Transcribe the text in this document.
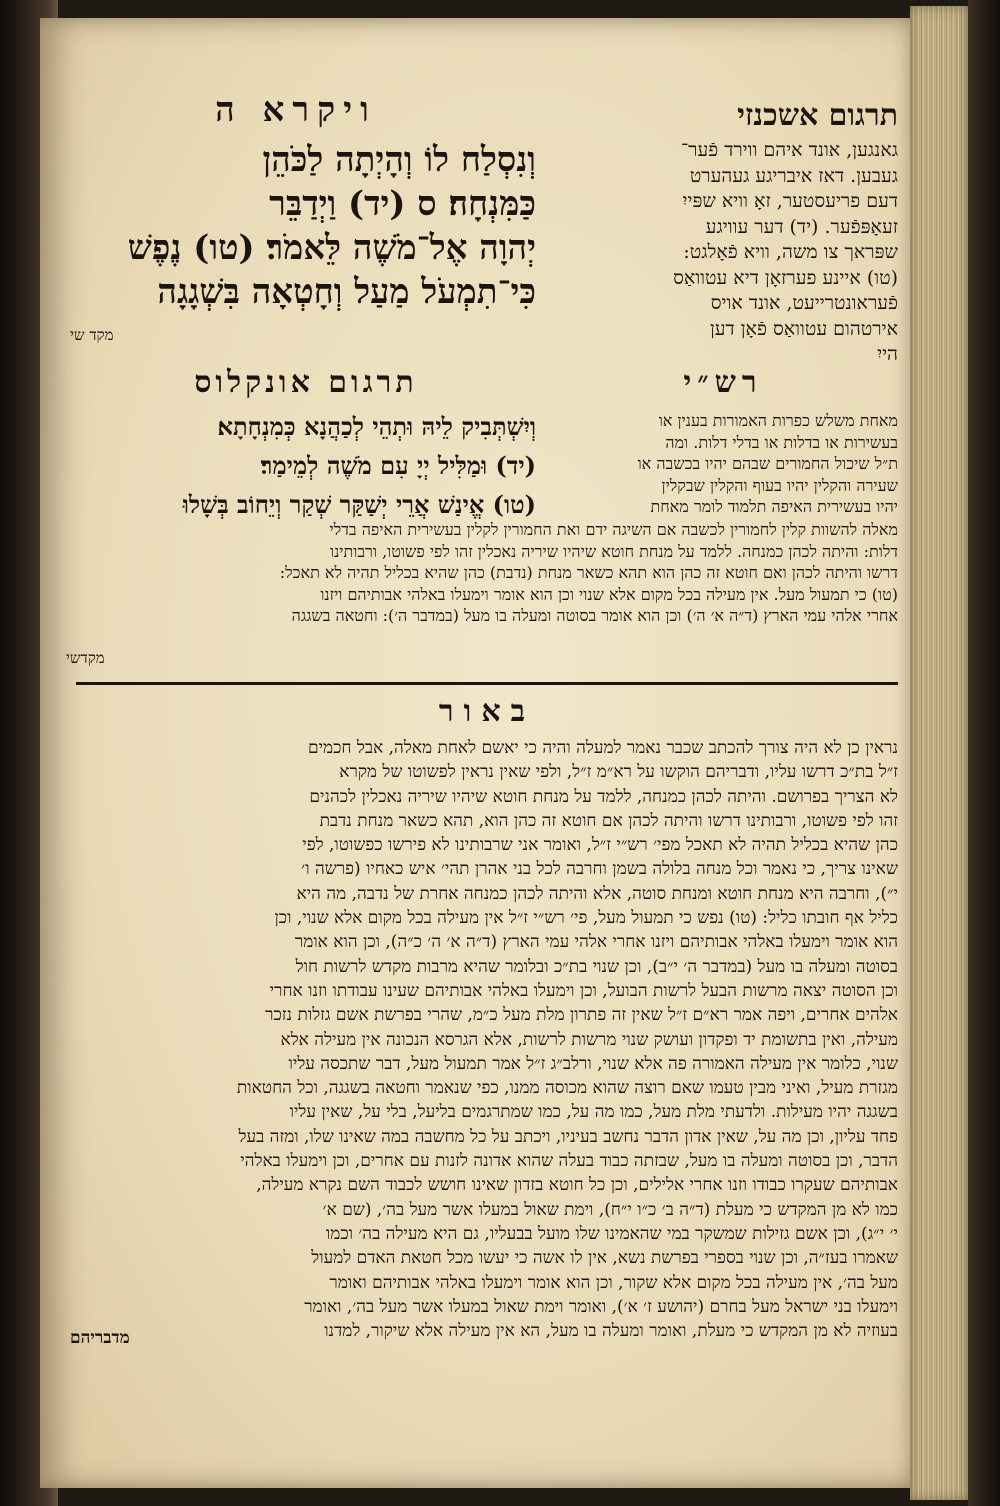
תרגום אשכנזי
ויקרא ה

גאנגען, אונד איהם ווירד פֿער־

געבען. דאז איבריגע געהערט

דעם פריעסטער, זאָ וויא שפּייִ

זעאָפּפֿער. (יד) דער עוויגע

שפּראך צו משה, וויא פֿאָלגט:

(טו) איינע פערזאָן דיא עטוואַס

פֿעראונטרייעט, אונד אויס

אירטהום עטוואַס פֿאָן דען

הייִ

וְנִסְלַח לוֹ וְהָיְתָה לַכֹּהֵן

כַּמִּנְחָה׃ ס (יד) וַיְדַבֵּר

יְהוָה אֶל־מֹשֶׁה לֵּאמֹר׃ (טו) נֶפֶשׁ

כִּי־תִמְעֹל מַעַל וְחָטְאָה בִּשְׁגָגָה

מקד שי
רש״י
תרגום אונקלוס

וְיִשְׁתְּבִיק לֵיהּ וּתְהֵי לְכַהֲנָא כְּמִנְחָתָא׃

(יד) וּמַלִּיל יְיָ עִם מֹשֶׁה לְמֵימַר׃

(טו) אֱינַשׁ אֲרֵי יְשַׁקַּר שְׁקַר וְיֵחוֹב בְּשָׁלוּ

מאחת משלש כפרות האמורות בענין או

בעשירות או בדלות או בדלי דלות. ומה

ת״ל שיכול החמורים שבהם יהיו בכשבה או

שעירה והקלין יהיו בעוף והקלין שבקלין

יהיו בעשירית האיפה תלמוד לומר מאחת

מאלה להשוות קלין לחמורין לכשבה אם השיגה ידם ואת החמורין לקלין בעשירית האיפה בדלי

דלות: והיתה לכהן כמנחה. ללמד על מנחת חוטא שיהיו שיריה נאכלין זהו לפי פשוטו, ורבותינו

דרשו והיתה לכהן ואם חוטא זה כהן הוא תהא כשאר מנחת (נדבת) כהן שהיא בכליל תהיה לא תאכל:

(טו) כי תמעול מעל. אין מעילה בכל מקום אלא שנוי וכן הוא אומר וימעלו באלהי אבותיהם ויזנו

אחרי אלהי עמי הארץ (ד״ה א׳ ה׳) וכן הוא אומר בסוטה ומעלה בו מעל (במדבר ה׳): וחטאה בשגגה

מקדשי
באור

נראין כן לא היה צורך להכתב שכבר נאמר למעלה והיה כי יאשם לאחת מאלה, אבל חכמים

ז״ל בת״כ דרשו עליו, ודבריהם הוקשו על רא״מ ז״ל, ולפי שאין נראין לפשוטו של מקרא

לא הצריך בפרושם. והיתה לכהן כמנחה, ללמד על מנחת חוטא שיהיו שיריה נאכלין לכהנים

זהו לפי פשוטו, ורבותינו דרשו והיתה לכהן אם חוטא זה כהן הוא, תהא כשאר מנחת נדבת

כהן שהיא בכליל תהיה לא תאכל מפי׳ רש״י ז״ל, ואומר אני שרבותינו לא פירשו כפשוטו, לפי

שאינו צריך, כי נאמר וכל מנחה בלולה בשמן וחרבה לכל בני אהרן תהי׳ איש כאחיו (פרשה ו׳

י״), וחרבה היא מנחת חוטא ומנחת סוטה, אלא והיתה לכהן כמנחה אחרת של נדבה, מה היא

כליל אף חובתו כליל: (טו) נפש כי תמעול מעל, פי׳ רש״י ז״ל אין מעילה בכל מקום אלא שנוי, וכן

הוא אומר וימעלו באלהי אבותיהם ויזנו אחרי אלהי עמי הארץ (ד״ה א׳ ה׳ כ״ה), וכן הוא אומר

בסוטה ומעלה בו מעל (במדבר ה׳ י״ב), וכן שנוי בת״כ ובלומר שהיא מרבות מקדש לרשות חול

וכן הסוטה יצאה מרשות הבעל לרשות הבועל, וכן וימעלו באלהי אבותיהם שעינו עבודתו וזנו אחרי

אלהים אחרים, ויפה אמר רא״ם ז״ל שאין זה פתרון מלת מעל כ״מ, שהרי בפרשת אשם גזלות נזכר

מעילה, ואין בתשומת יד ופקדון ועושק שנוי מרשות לרשות, אלא הגרסא הנכונה אין מעילה אלא

שנוי, כלומר אין מעילה האמורה פה אלא שנוי, ורלב״ג ז״ל אמר תמעול מעל, דבר שתכסה עליו

מגזרת מעיל, ואיני מבין טעמו שאם רוצה שהוא מכוסה ממנו, כפי שנאמר וחטאה בשגגה, וכל החטאות

בשגגה יהיו מעילות. ולדעתי מלת מעל, כמו מה על, כמו שמתרגמים בליעל, בלי על, שאין עליו

פחד עליון, וכן מה על, שאין אדון הדבר נחשב בעיניו, ויכתב על כל מחשבה במה שאינו שלו, ומזה בעל

הדבר, וכן בסוטה ומעלה בו מעל, שבזתה כבוד בעלה שהוא אדונה לזנות עם אחרים, וכן וימעלו באלהי

אבותיהם שעקרו כבודו וזנו אחרי אלילים, וכן כל חוטא בזדון שאינו חושש לכבוד השם נקרא מעילה,

כמו לא מן המקדש כי מעלת (ד״ה ב׳ כ״ו י״ח), וימת שאול במעלו אשר מעל בה׳, (שם א׳

י׳ י״ג), וכן אשם גזילות שמשקר במי שהאמינו שלו מועל בבעליו, גם היא מעילה בה׳ וכמו

שאמרו בעז״ה, וכן שנוי בספרי בפרשת נשא, אין לו אשה כי יעשו מכל חטאת האדם למעול

מעל בה׳, אין מעילה בכל מקום אלא שקור, וכן הוא אומר וימעלו באלהי אבותיהם ואומר

וימעלו בני ישראל מעל בחרם (יהושע ז׳ א׳), ואומר וימת שאול במעלו אשר מעל בה׳, ואומר

בעוזיה לא מן המקדש כי מעלת, ואומר ומעלה בו מעל, הא אין מעילה אלא שיקור, למדנו

מדבריהם
